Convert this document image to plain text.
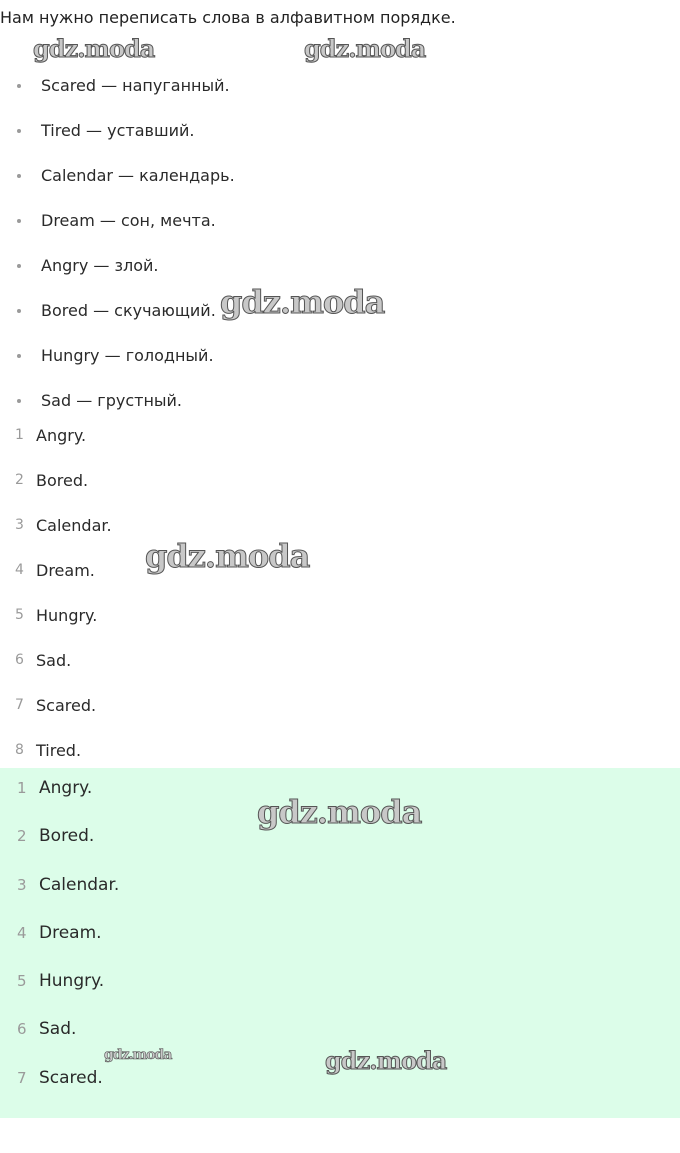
Нам нужно переписать слова в алфавитном порядке.
gdz.moda	gdz.moda
Scared — напуганный.
Tired — уставший.
Calendar — календарь.
Dream — сон, мечта.
Angry — злой.
Bored — скучающий.
Hungry — голодный.
Sad — грустный.
gdz.moda
1 Angry.
2 Bored.
3 Calendar.
4 Dream.
5 Hungry.
6 Sad.
7 Scared.
8 Tired.
gdz.moda
1 Angry.
2 Bored.
3 Calendar.
4 Dream.
5 Hungry.
6 Sad.
7 Scared.
gdz.moda
gdz.moda	gdz.moda
